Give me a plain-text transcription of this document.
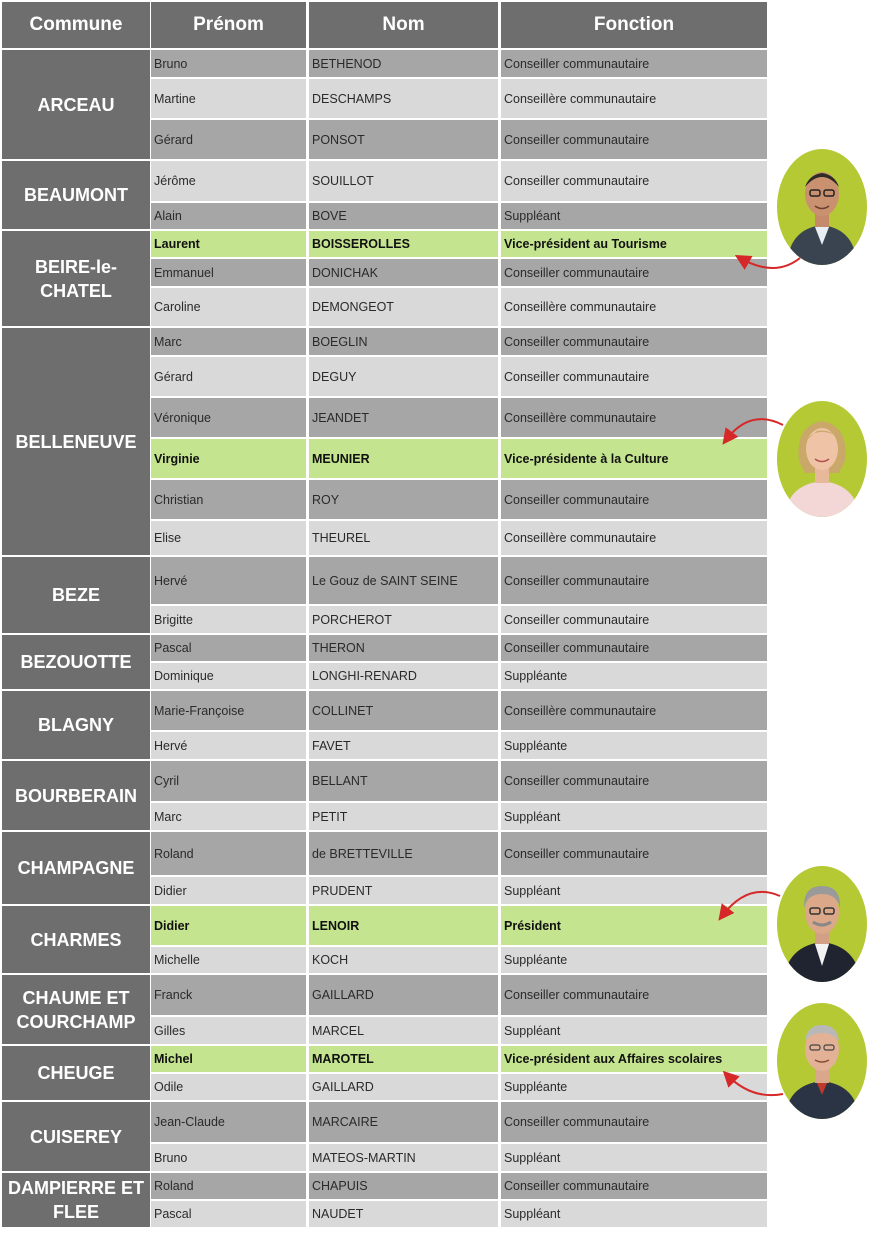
Commune	Prénom	Nom	Fonction
ARCEAU
Bruno	BETHENOD	Conseiller communautaire
Martine	DESCHAMPS	Conseillère communautaire
Gérard	PONSOT	Conseiller communautaire
BEAUMONT
Jérôme	SOUILLOT	Conseiller communautaire
Alain	BOVE	Suppléant
BEIRE-le-CHATEL
Laurent	BOISSEROLLES	Vice-président au Tourisme
Emmanuel	DONICHAK	Conseiller communautaire
Caroline	DEMONGEOT	Conseillère communautaire
BELLENEUVE
Marc	BOEGLIN	Conseiller communautaire
Gérard	DEGUY	Conseiller communautaire
Véronique	JEANDET	Conseillère communautaire
Virginie	MEUNIER	Vice-présidente à la Culture
Christian	ROY	Conseiller communautaire
Elise	THEUREL	Conseillère communautaire
BEZE
Hervé	Le Gouz de SAINT SEINE	Conseiller communautaire
Brigitte	PORCHEROT	Conseiller communautaire
BEZOUOTTE
Pascal	THERON	Conseiller communautaire
Dominique	LONGHI-RENARD	Suppléante
BLAGNY
Marie-Françoise	COLLINET	Conseillère communautaire
Hervé	FAVET	Suppléante
BOURBERAIN
Cyril	BELLANT	Conseiller communautaire
Marc	PETIT	Suppléant
CHAMPAGNE
Roland	de BRETTEVILLE	Conseiller communautaire
Didier	PRUDENT	Suppléant
CHARMES
Didier	LENOIR	Président
Michelle	KOCH	Suppléante
CHAUME ET COURCHAMP
Franck	GAILLARD	Conseiller communautaire
Gilles	MARCEL	Suppléant
CHEUGE
Michel	MAROTEL	Vice-président aux Affaires scolaires
Odile	GAILLARD	Suppléante
CUISEREY
Jean-Claude	MARCAIRE	Conseiller communautaire
Bruno	MATEOS-MARTIN	Suppléant
DAMPIERRE ET FLEE
Roland	CHAPUIS	Conseiller communautaire
Pascal	NAUDET	Suppléant
